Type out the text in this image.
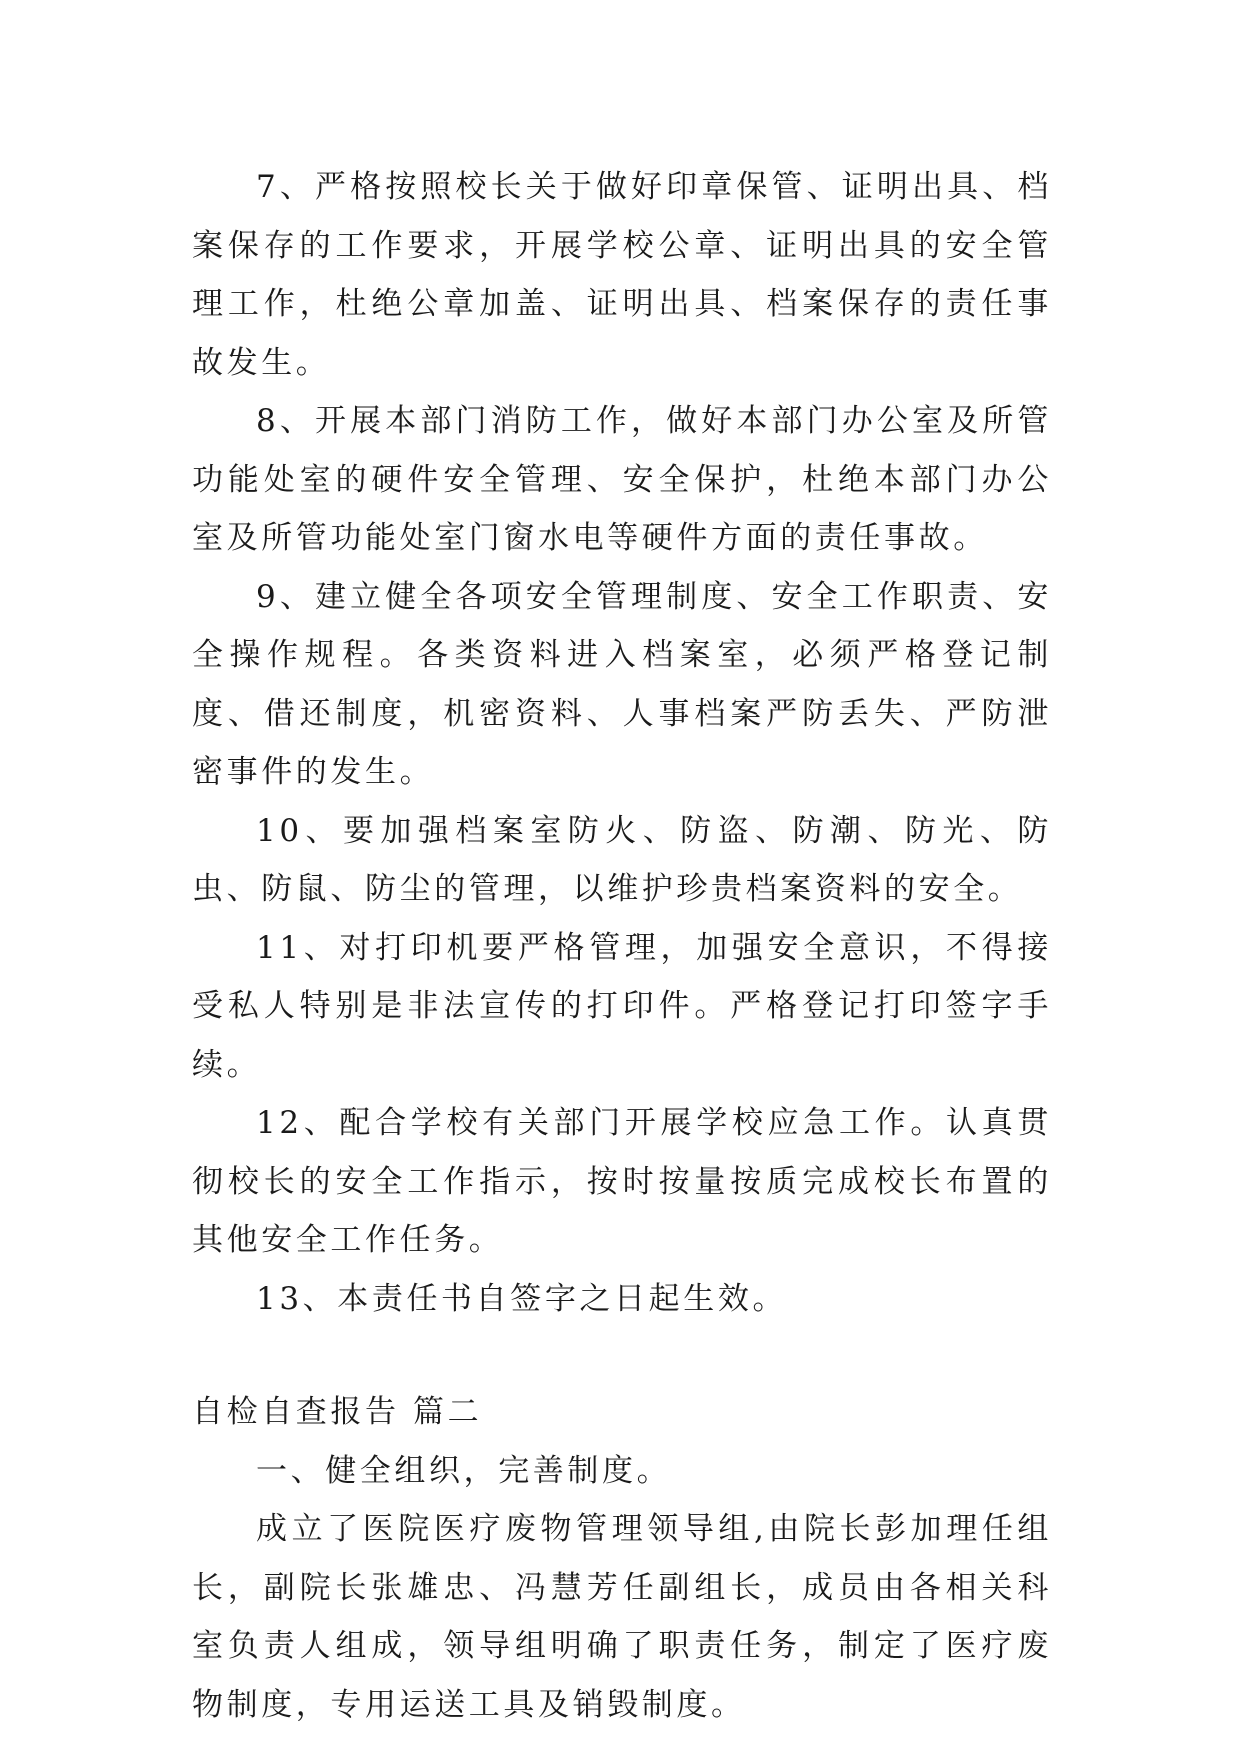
7、严格按照校长关于做好印章保管、证明出具、档案保存的工作要求，开展学校公章、证明出具的安全管理工作，杜绝公章加盖、证明出具、档案保存的责任事故发生。

8、开展本部门消防工作，做好本部门办公室及所管功能处室的硬件安全管理、安全保护，杜绝本部门办公室及所管功能处室门窗水电等硬件方面的责任事故。

9、建立健全各项安全管理制度、安全工作职责、安全操作规程。各类资料进入档案室，必须严格登记制度、借还制度，机密资料、人事档案严防丢失、严防泄密事件的发生。

10、要加强档案室防火、防盗、防潮、防光、防虫、防鼠、防尘的管理，以维护珍贵档案资料的安全。

11、对打印机要严格管理，加强安全意识，不得接受私人特别是非法宣传的打印件。严格登记打印签字手续。

12、配合学校有关部门开展学校应急工作。认真贯彻校长的安全工作指示，按时按量按质完成校长布置的其他安全工作任务。

13、本责任书自签字之日起生效。

自检自查报告 篇二

一、健全组织，完善制度。

成立了医院医疗废物管理领导组,由院长彭加理任组长，副院长张雄忠、冯慧芳任副组长，成员由各相关科室负责人组成，领导组明确了职责任务，制定了医疗废物制度，专用运送工具及销毁制度。
